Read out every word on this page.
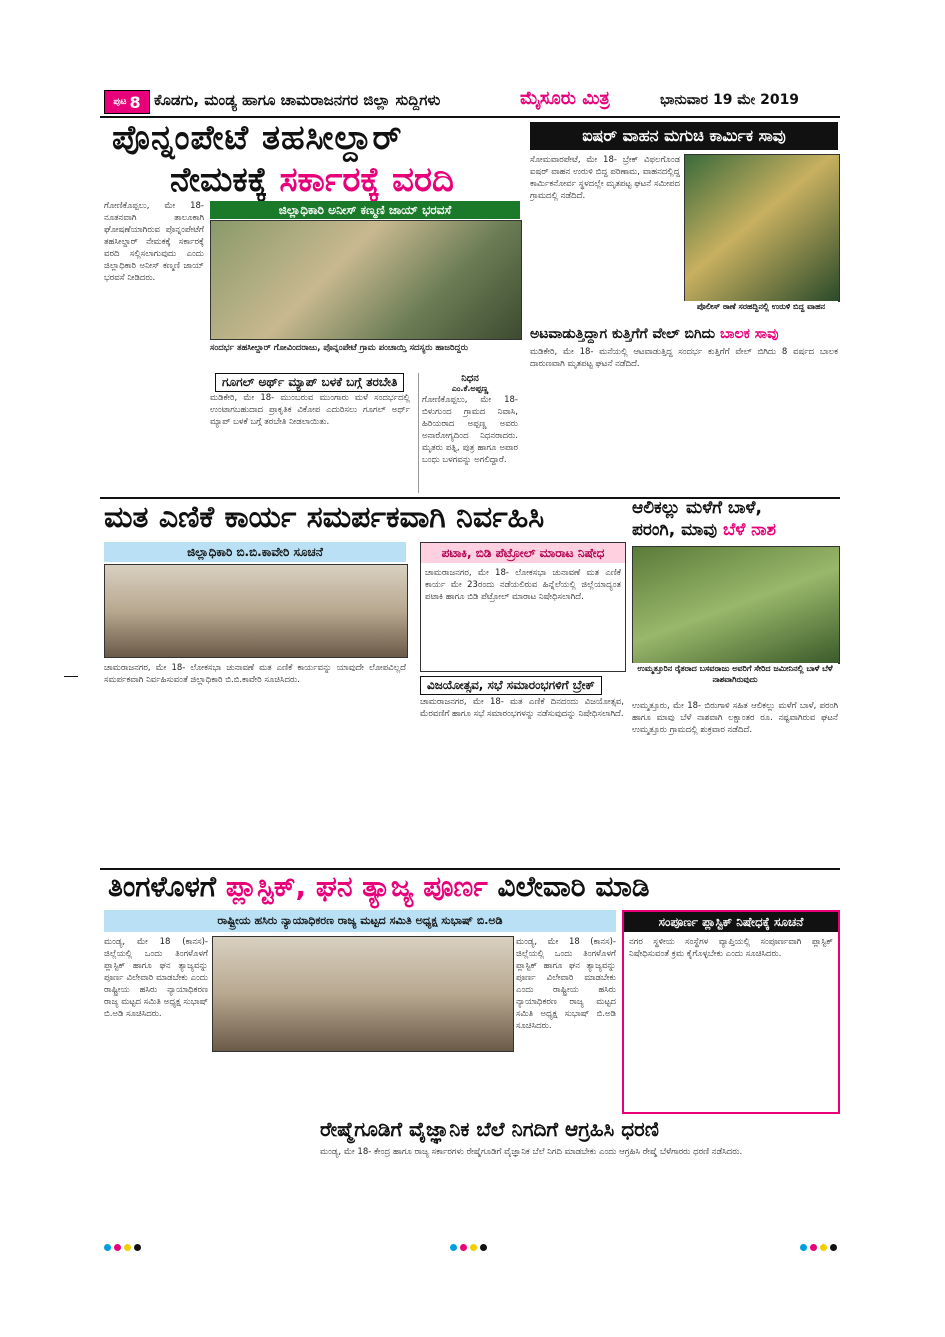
ಪುಟ 8 ಕೊಡಗು, ಮಂಡ್ಯ ಹಾಗೂ ಚಾಮರಾಜನಗರ ಜಿಲ್ಲಾ ಸುದ್ದಿಗಳು	ಮೈಸೂರು ಮಿತ್ರ	ಭಾನುವಾರ 19 ಮೇ 2019
ಪೊನ್ನಂಪೇಟೆ ತಹಸೀಲ್ದಾರ್
ನೇಮಕಕ್ಕೆ ಸರ್ಕಾರಕ್ಕೆ ವರದಿ
ಗೋಣಿಕೊಪ್ಪಲು, ಮೇ 18- ನೂತನವಾಗಿ ತಾಲೂಕಾಗಿ ಘೋಷಣೆಯಾಗಿರುವ ಪೊನ್ನಂಪೇಟೆಗೆ ತಹಸೀಲ್ದಾರ್ ನೇಮಕಕ್ಕೆ ಸರ್ಕಾರಕ್ಕೆ ವರದಿ ಸಲ್ಲಿಸಲಾಗುವುದು ಎಂದು ಜಿಲ್ಲಾಧಿಕಾರಿ ಅನೀಸ್ ಕಣ್ಮಣಿ ಜಾಯ್ ಭರವಸೆ ನೀಡಿದರು.
ಜಿಲ್ಲಾಧಿಕಾರಿ ಅನೀಸ್ ಕಣ್ಮಣಿ ಜಾಯ್ ಭರವಸೆ
ಸಂದರ್ಭ ತಹಸೀಲ್ದಾರ್ ಗೋವಿಂದರಾಜು, ಪೊನ್ನಂಪೇಟೆ ಗ್ರಾಮ ಪಂಚಾಯ್ತಿ ಸದಸ್ಯರು ಹಾಜರಿದ್ದರು
ಗೂಗಲ್ ಅರ್ಥ್ ಮ್ಯಾಪ್ ಬಳಕೆ ಬಗ್ಗೆ ತರಬೇತಿ
ಮಡಿಕೇರಿ, ಮೇ 18- ಮುಂಬರುವ ಮುಂಗಾರು ಮಳೆ ಸಂದರ್ಭದಲ್ಲಿ ಉಂಟಾಗಬಹುದಾದ ಪ್ರಾಕೃತಿಕ ವಿಕೋಪ ಎದುರಿಸಲು ಗೂಗಲ್ ಅರ್ಥ್ ಮ್ಯಾಪ್ ಬಳಕೆ ಬಗ್ಗೆ ತರಬೇತಿ ನೀಡಲಾಯಿತು.
ನಿಧನ
ಎಂ.ಕೆ.ಅಪ್ಪಣ್ಣ
ಗೋಣಿಕೊಪ್ಪಲು, ಮೇ 18- ಬಿಳುಗುಂದ ಗ್ರಾಮದ ನಿವಾಸಿ, ಹಿರಿಯರಾದ ಅಪ್ಪಣ್ಣ ಅವರು ಅನಾರೋಗ್ಯದಿಂದ ನಿಧನರಾದರು. ಮೃತರು ಪತ್ನಿ, ಪುತ್ರ ಹಾಗೂ ಅಪಾರ ಬಂಧು ಬಳಗವನ್ನು ಅಗಲಿದ್ದಾರೆ.
ಐಷರ್ ವಾಹನ ಮಗುಚಿ ಕಾರ್ಮಿಕ ಸಾವು
ಸೋಮವಾರಪೇಟೆ, ಮೇ 18- ಬ್ರೇಕ್ ವಿಫಲಗೊಂಡ ಐಷರ್ ವಾಹನ ಉರುಳಿ ಬಿದ್ದ ಪರಿಣಾಮ, ವಾಹನದಲ್ಲಿದ್ದ ಕಾರ್ಮಿಕನೋರ್ವ ಸ್ಥಳದಲ್ಲೇ ಮೃತಪಟ್ಟ ಘಟನೆ ಸಮೀಪದ ಗ್ರಾಮದಲ್ಲಿ ನಡೆದಿದೆ.
ಪೊಲೀಸ್ ಠಾಣೆ ಸರಹದ್ದಿನಲ್ಲಿ ಉರುಳಿ ಬಿದ್ದ ವಾಹನ
ಅಟವಾಡುತ್ತಿದ್ದಾಗ ಕುತ್ತಿಗೆಗೆ ವೇಲ್ ಬಿಗಿದು ಬಾಲಕ ಸಾವು
ಮಡಿಕೇರಿ, ಮೇ 18- ಮನೆಯಲ್ಲಿ ಆಟವಾಡುತ್ತಿದ್ದ ಸಂದರ್ಭ ಕುತ್ತಿಗೆಗೆ ವೇಲ್ ಬಿಗಿದು 8 ವರ್ಷದ ಬಾಲಕ ದಾರುಣವಾಗಿ ಮೃತಪಟ್ಟ ಘಟನೆ ನಡೆದಿದೆ.
ಮತ ಎಣಿಕೆ ಕಾರ್ಯ ಸಮರ್ಪಕವಾಗಿ ನಿರ್ವಹಿಸಿ
ಜಿಲ್ಲಾಧಿಕಾರಿ ಬಿ.ಬಿ.ಕಾವೇರಿ ಸೂಚನೆ
ಚಾಮರಾಜನಗರ, ಮೇ 18- ಲೋಕಸಭಾ ಚುನಾವಣೆ ಮತ ಎಣಿಕೆ ಕಾರ್ಯವನ್ನು ಯಾವುದೇ ಲೋಪವಿಲ್ಲದೆ ಸಮರ್ಪಕವಾಗಿ ನಿರ್ವಹಿಸುವಂತೆ ಜಿಲ್ಲಾಧಿಕಾರಿ ಬಿ.ಬಿ.ಕಾವೇರಿ ಸೂಚಿಸಿದರು.
ಪಟಾಕಿ, ಬಿಡಿ ಪೆಟ್ರೋಲ್ ಮಾರಾಟ ನಿಷೇಧ
ಚಾಮರಾಜನಗರ, ಮೇ 18- ಲೋಕಸಭಾ ಚುನಾವಣೆ ಮತ ಎಣಿಕೆ ಕಾರ್ಯ ಮೇ 23ರಂದು ನಡೆಯಲಿರುವ ಹಿನ್ನೆಲೆಯಲ್ಲಿ ಜಿಲ್ಲೆಯಾದ್ಯಂತ ಪಟಾಕಿ ಹಾಗೂ ಬಿಡಿ ಪೆಟ್ರೋಲ್ ಮಾರಾಟ ನಿಷೇಧಿಸಲಾಗಿದೆ.
ವಿಜಯೋತ್ಸವ, ಸಭೆ ಸಮಾರಂಭಗಳಿಗೆ ಬ್ರೇಕ್
ಚಾಮರಾಜನಗರ, ಮೇ 18- ಮತ ಎಣಿಕೆ ದಿನದಂದು ವಿಜಯೋತ್ಸವ, ಮೆರವಣಿಗೆ ಹಾಗೂ ಸಭೆ ಸಮಾರಂಭಗಳನ್ನು ನಡೆಸುವುದನ್ನು ನಿಷೇಧಿಸಲಾಗಿದೆ.
ಆಲಿಕಲ್ಲು ಮಳೆಗೆ ಬಾಳೆ,
ಪರಂಗಿ, ಮಾವು ಬೆಳೆ ನಾಶ
ಉಮ್ಮತ್ತೂರಿನ ರೈತರಾದ ಬಸವರಾಜು ಅವರಿಗೆ ಸೇರಿದ ಜಮೀನಿನಲ್ಲಿ ಬಾಳೆ ಬೆಳೆ ನಾಶವಾಗಿರುವುದು
ಉಮ್ಮತ್ತೂರು, ಮೇ 18- ಬಿರುಗಾಳಿ ಸಹಿತ ಆಲಿಕಲ್ಲು ಮಳೆಗೆ ಬಾಳೆ, ಪರಂಗಿ ಹಾಗೂ ಮಾವು ಬೆಳೆ ನಾಶವಾಗಿ ಲಕ್ಷಾಂತರ ರೂ. ನಷ್ಟವಾಗಿರುವ ಘಟನೆ ಉಮ್ಮತ್ತೂರು ಗ್ರಾಮದಲ್ಲಿ ಶುಕ್ರವಾರ ನಡೆದಿದೆ.
ತಿಂಗಳೊಳಗೆ ಪ್ಲಾಸ್ಟಿಕ್, ಘನ ತ್ಯಾಜ್ಯ ಪೂರ್ಣ ವಿಲೇವಾರಿ ಮಾಡಿ
ರಾಷ್ಟ್ರೀಯ ಹಸಿರು ನ್ಯಾಯಾಧಿಕರಣ ರಾಜ್ಯ ಮಟ್ಟದ ಸಮಿತಿ ಅಧ್ಯಕ್ಷ ಸುಭಾಷ್ ಬಿ.ಅಡಿ
ಮಂಡ್ಯ, ಮೇ 18 (ಕಾನಸ)- ಜಿಲ್ಲೆಯಲ್ಲಿ ಒಂದು ತಿಂಗಳೊಳಗೆ ಪ್ಲಾಸ್ಟಿಕ್ ಹಾಗೂ ಘನ ತ್ಯಾಜ್ಯವನ್ನು ಪೂರ್ಣ ವಿಲೇವಾರಿ ಮಾಡಬೇಕು ಎಂದು ರಾಷ್ಟ್ರೀಯ ಹಸಿರು ನ್ಯಾಯಾಧಿಕರಣ ರಾಜ್ಯ ಮಟ್ಟದ ಸಮಿತಿ ಅಧ್ಯಕ್ಷ ಸುಭಾಷ್ ಬಿ.ಅಡಿ ಸೂಚಿಸಿದರು.
ಮಂಡ್ಯ, ಮೇ 18 (ಕಾನಸ)- ಜಿಲ್ಲೆಯಲ್ಲಿ ಒಂದು ತಿಂಗಳೊಳಗೆ ಪ್ಲಾಸ್ಟಿಕ್ ಹಾಗೂ ಘನ ತ್ಯಾಜ್ಯವನ್ನು ಪೂರ್ಣ ವಿಲೇವಾರಿ ಮಾಡಬೇಕು ಎಂದು ರಾಷ್ಟ್ರೀಯ ಹಸಿರು ನ್ಯಾಯಾಧಿಕರಣ ರಾಜ್ಯ ಮಟ್ಟದ ಸಮಿತಿ ಅಧ್ಯಕ್ಷ ಸುಭಾಷ್ ಬಿ.ಅಡಿ ಸೂಚಿಸಿದರು.
ಸಂಪೂರ್ಣ ಪ್ಲಾಸ್ಟಿಕ್ ನಿಷೇಧಕ್ಕೆ ಸೂಚನೆ
ನಗರ ಸ್ಥಳೀಯ ಸಂಸ್ಥೆಗಳ ವ್ಯಾಪ್ತಿಯಲ್ಲಿ ಸಂಪೂರ್ಣವಾಗಿ ಪ್ಲಾಸ್ಟಿಕ್ ನಿಷೇಧಿಸುವಂತೆ ಕ್ರಮ ಕೈಗೊಳ್ಳಬೇಕು ಎಂದು ಸೂಚಿಸಿದರು.
ರೇಷ್ಮೆಗೂಡಿಗೆ ವೈಜ್ಞಾನಿಕ ಬೆಲೆ ನಿಗದಿಗೆ ಆಗ್ರಹಿಸಿ ಧರಣಿ
ಮಂಡ್ಯ, ಮೇ 18- ಕೇಂದ್ರ ಹಾಗೂ ರಾಜ್ಯ ಸರ್ಕಾರಗಳು ರೇಷ್ಮೆಗೂಡಿಗೆ ವೈಜ್ಞಾನಿಕ ಬೆಲೆ ನಿಗದಿ ಮಾಡಬೇಕು ಎಂದು ಆಗ್ರಹಿಸಿ ರೇಷ್ಮೆ ಬೆಳೆಗಾರರು ಧರಣಿ ನಡೆಸಿದರು.
